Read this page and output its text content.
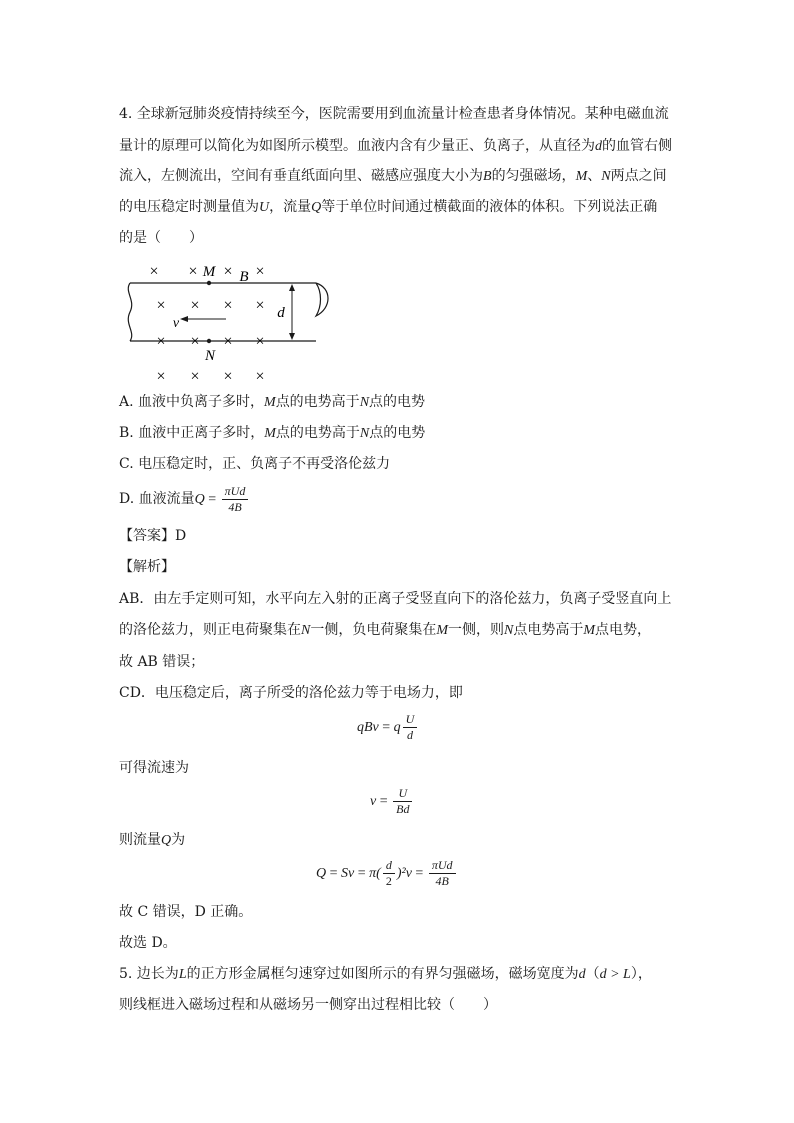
4. 全球新冠肺炎疫情持续至今，医院需要用到血流量计检查患者身体情况。某种电磁血流
量计的原理可以简化为如图所示模型。血液内含有少量正、负离子，从直径为d的血管右侧
流入，左侧流出，空间有垂直纸面向里、磁感应强度大小为B的匀强磁场，M、N两点之间
的电压稳定时测量值为U，流量Q等于单位时间通过横截面的液体的体积。下列说法正确
的是（　　）
× × × ×
M B
× × × ×
v
d
× × × ×
N
× × × ×
A. 血液中负离子多时，M点的电势高于N点的电势
B. 血液中正离子多时，M点的电势高于N点的电势
C. 电压稳定时，正、负离子不再受洛伦兹力
D. 血液流量$Q = \frac{\text{πUd}}{4B}$
【答案】D
【解析】
AB．由左手定则可知，水平向左入射的正离子受竖直向下的洛伦兹力，负离子受竖直向上
的洛伦兹力，则正电荷聚集在N一侧，负电荷聚集在M一侧，则N点电势高于M点电势，
故 AB 错误；
CD．电压稳定后，离子所受的洛伦兹力等于电场力，即
qBv = q $\frac{U}{d}$
可得流速为
$v = \frac{U}{Bd}$
则流量Q为
$Q = Sv = \pi( \frac{d}{2} )^2v = \frac{\text{πUd}}{4B}$
故 C 错误，D 正确。
故选 D。
5. 边长为L的正方形金属框匀速穿过如图所示的有界匀强磁场，磁场宽度为d（d > L），
则线框进入磁场过程和从磁场另一侧穿出过程相比较（　　）
